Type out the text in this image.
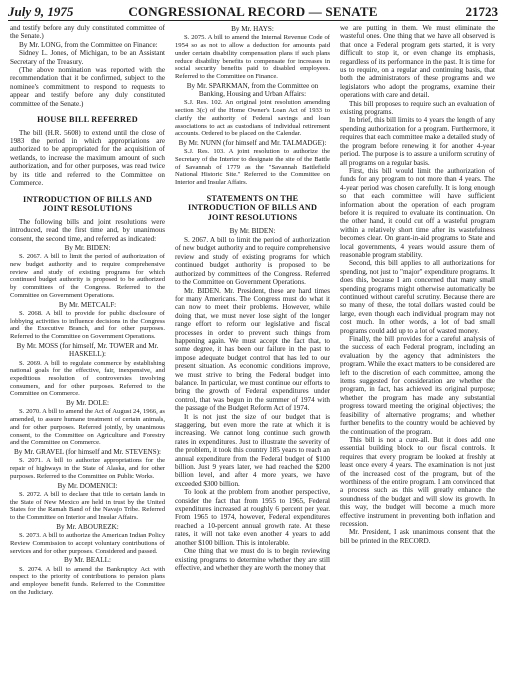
July 9, 1975	CONGRESSIONAL RECORD — SENATE	21723

and testify before any duly constituted committee of the Senate.)

By Mr. LONG, from the Committee on Finance:

Sidney L. Jones, of Michigan, to be an Assistant Secretary of the Treasury.

(The above nomination was reported with the recommendation that it be confirmed, subject to the nominee's commitment to respond to requests to appear and testify before any duly constituted committee of the Senate.)

HOUSE BILL REFERRED

The bill (H.R. 5608) to extend until the close of 1983 the period in which appropriations are authorized to be appropriated for the acquisition of wetlands, to increase the maximum amount of such authorization, and for other purposes, was read twice by its title and referred to the Committee on Commerce.

INTRODUCTION OF BILLS AND JOINT RESOLUTIONS

The following bills and joint resolutions were introduced, read the first time and, by unanimous consent, the second time, and referred as indicated:

By Mr. BIDEN:

S. 2067. A bill to limit the period of authorization of new budget authority and to require comprehensive review and study of existing programs for which continued budget authority is proposed to be authorized by committees of the Congress. Referred to the Committee on Government Operations.

By Mr. METCALF:

S. 2068. A bill to provide for public disclosure of lobbying activities to influence decisions in the Congress and the Executive Branch, and for other purposes. Referred to the Committee on Government Operations.

By Mr. MOSS (for himself, Mr. TOWER and Mr. HASKELL):

S. 2069. A bill to regulate commerce by establishing national goals for the effective, fair, inexpensive, and expeditious resolution of controversies involving consumers, and for other purposes. Referred to the Committee on Commerce.

By Mr. DOLE:

S. 2070. A bill to amend the Act of August 24, 1966, as amended, to assure humane treatment of certain animals, and for other purposes. Referred jointly, by unanimous consent, to the Committee on Agriculture and Forestry and the Committee on Commerce.

By Mr. GRAVEL (for himself and Mr. STEVENS):

S. 2071. A bill to authorize appropriations for the repair of highways in the State of Alaska, and for other purposes. Referred to the Committee on Public Works.

By Mr. DOMENICI:

S. 2072. A bill to declare that title to certain lands in the State of New Mexico are held in trust by the United States for the Ramah Band of the Navajo Tribe. Referred to the Committee on Interior and Insular Affairs.

By Mr. ABOUREZK:

S. 2073. A bill to authorize the American Indian Policy Review Commission to accept voluntary contributions of services and for other purposes. Considered and passed.

By Mr. BEALL:

S. 2074. A bill to amend the Bankruptcy Act with respect to the priority of contributions to pension plans and employee benefit funds. Referred to the Committee on the Judiciary.

By Mr. HAYS:

S. 2075. A bill to amend the Internal Revenue Code of 1954 so as not to allow a deduction for amounts paid under certain disability compensation plans if such plans reduce disability benefits to compensate for increases in social security benefits paid to disabled employees. Referred to the Committee on Finance.

By Mr. SPARKMAN, from the Committee on Banking, Housing and Urban Affairs:

S.J. Res. 102. An original joint resolution amending section 3(c) of the Home Owner's Loan Act of 1933 to clarify the authority of Federal savings and loan associations to act as custodians of individual retirement accounts. Ordered to be placed on the Calendar.

By Mr. NUNN (for himself and Mr. TALMADGE):

S.J. Res. 103. A joint resolution to authorize the Secretary of the Interior to designate the site of the Battle of Savannah of 1779 as the "Savannah Battlefield National Historic Site." Referred to the Committee on Interior and Insular Affairs.

STATEMENTS ON THE INTRODUCTION OF BILLS AND JOINT RESOLUTIONS

By Mr. BIDEN:

S. 2067. A bill to limit the period of authorization of new budget authority and to require comprehensive review and study of existing programs for which continued budget authority is proposed to be authorized by committees of the Congress. Referred to the Committee on Government Operations.

Mr. BIDEN. Mr. President, these are hard times for many Americans. The Congress must do what it can now to meet their problems. However, while doing that, we must never lose sight of the longer range effort to reform our legislative and fiscal processes in order to prevent such things from happening again. We must accept the fact that, to some degree, it has been our failure in the past to impose adequate budget control that has led to our present situation. As economic conditions improve, we must strive to bring the Federal budget into balance. In particular, we must continue our efforts to bring the growth of Federal expenditures under control, that was begun in the summer of 1974 with the passage of the Budget Reform Act of 1974.

It is not just the size of our budget that is staggering, but even more the rate at which it is increasing. We cannot long continue such growth rates in expenditures. Just to illustrate the severity of the problem, it took this country 185 years to reach an annual expenditure from the Federal budget of $100 billion. Just 9 years later, we had reached the $200 billion level, and after 4 more years, we have exceeded $300 billion.

To look at the problem from another perspective, consider the fact that from 1955 to 1965, Federal expenditures increased at roughly 6 percent per year. From 1965 to 1974, however, Federal expenditures reached a 10-percent annual growth rate. At these rates, it will not take even another 4 years to add another $100 billion. This is intolerable.

One thing that we must do is to begin reviewing existing programs to determine whether they are still effective, and whether they are worth the money that

we are putting in them. We must eliminate the wasteful ones. One thing that we have all observed is that once a Federal program gets started, it is very difficult to stop it, or even change its emphasis, regardless of its performance in the past. It is time for us to require, on a regular and continuing basis, that both the administrators of these programs and we legislators who adopt the programs, examine their operations with care and detail.

This bill proposes to require such an evaluation of existing programs.

In brief, this bill limits to 4 years the length of any spending authorization for a program. Furthermore, it requires that each committee make a detailed study of the program before renewing it for another 4-year period. The purpose is to assure a uniform scrutiny of all programs on a regular basis.

First, this bill would limit the authorization of funds for any program to not more than 4 years. The 4-year period was chosen carefully. It is long enough so that each committee will have sufficient information about the operation of each program before it is required to evaluate its continuation. On the other hand, it could cut off a wasteful program within a relatively short time after its wastefulness becomes clear. On grant-in-aid programs to State and local governments, 4 years would assure them of reasonable program stability.

Second, this bill applies to all authorizations for spending, not just to "major" expenditure programs. It does this, because I am concerned that many small spending programs might otherwise automatically be continued without careful scrutiny. Because there are so many of these, the total dollars wasted could be large, even though each individual program may not cost much. In other words, a lot of bad small programs could add up to a lot of wasted money.

Finally, the bill provides for a careful analysis of the success of each Federal program, including an evaluation by the agency that administers the program. While the exact matters to be considered are left to the discretion of each committee, among the items suggested for consideration are whether the program, in fact, has achieved its original purpose; whether the program has made any substantial progress toward meeting the original objectives; the feasibility of alternative programs; and whether further benefits to the country would be achieved by the continuation of the program.

This bill is not a cure-all. But it does add one essential building block to our fiscal controls. It requires that every program be looked at freshly at least once every 4 years. The examination is not just of the increased cost of the program, but of the worthiness of the entire program. I am convinced that a process such as this will greatly enhance the soundness of the budget and will slow its growth. In this way, the budget will become a much more effective instrument in preventing both inflation and recession.

Mr. President, I ask unanimous consent that the bill be printed in the RECORD.
